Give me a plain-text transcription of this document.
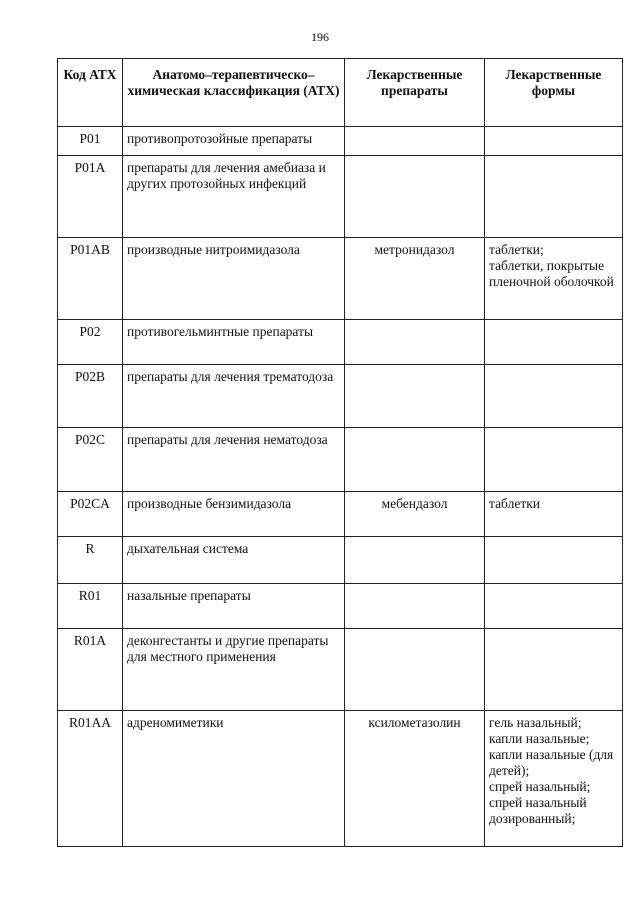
196
Код АТХ	Анатомо–терапевтическо–химическая классификация (АТХ)	Лекарственные препараты	Лекарственные формы
P01	противопротозойные препараты		
P01A	препараты для лечения амебиаза и других протозойных инфекций		
P01AB	производные нитроимидазола	метронидазол	таблетки;
таблетки, покрытые пленочной оболочкой
P02	противогельминтные препараты		
P02B	препараты для лечения трематодоза		
P02C	препараты для лечения нематодоза		
P02CA	производные бензимидазола	мебендазол	таблетки
R	дыхательная система		
R01	назальные препараты		
R01A	деконгестанты и другие препараты для местного применения		
R01AA	адреномиметики	ксилометазолин	гель назальный;
капли назальные;
капли назальные (для детей);
спрей назальный;
спрей назальный дозированный;
